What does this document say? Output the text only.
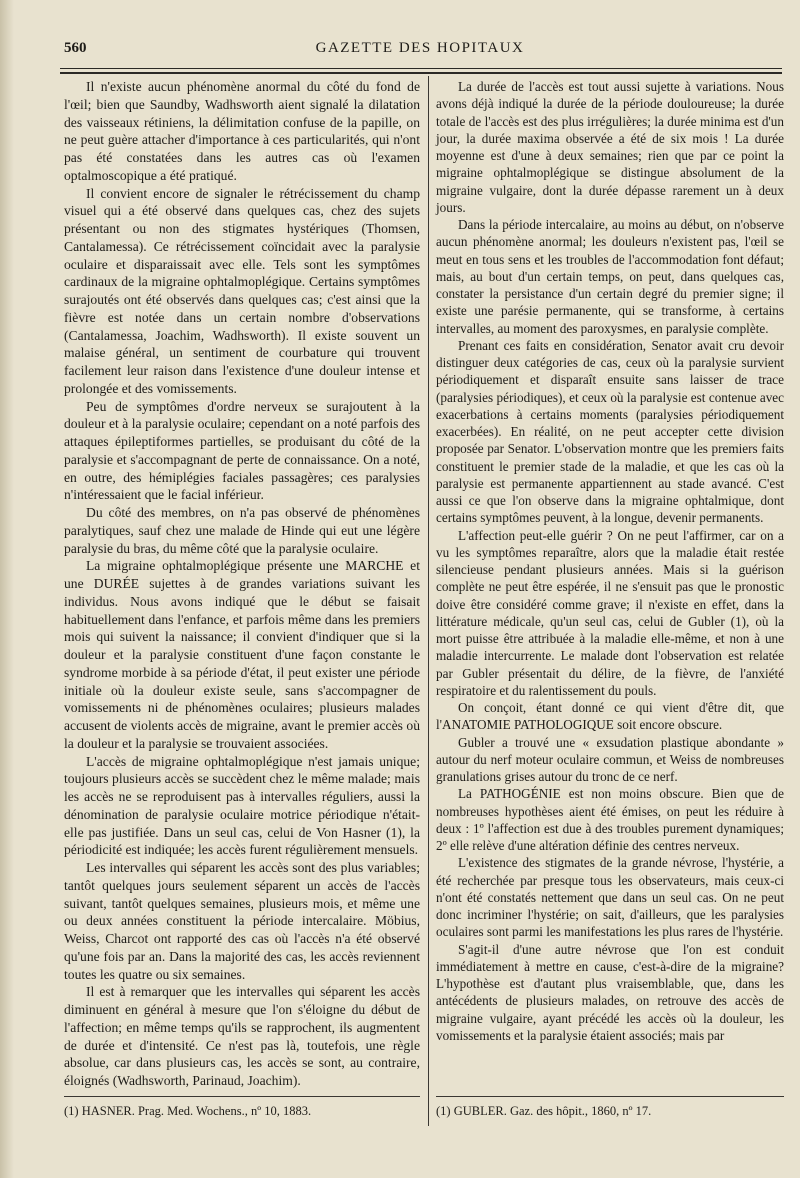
560	GAZETTE DES HOPITAUX

Il n'existe aucun phénomène anormal du côté du fond de l'œil; bien que Saundby, Wadhsworth aient signalé la dilatation des vaisseaux rétiniens, la délimitation confuse de la papille, on ne peut guère attacher d'importance à ces particularités, qui n'ont pas été constatées dans les autres cas où l'examen optalmoscopique a été pratiqué.

Il convient encore de signaler le rétrécissement du champ visuel qui a été observé dans quelques cas, chez des sujets présentant ou non des stigmates hystériques (Thomsen, Cantalamessa). Ce rétrécissement coïncidait avec la paralysie oculaire et disparaissait avec elle. Tels sont les symptômes cardinaux de la migraine ophtalmoplégique. Certains symptômes surajoutés ont été observés dans quelques cas; c'est ainsi que la fièvre est notée dans un certain nombre d'observations (Cantalamessa, Joachim, Wadhsworth). Il existe souvent un malaise général, un sentiment de courbature qui trouvent facilement leur raison dans l'existence d'une douleur intense et prolongée et des vomissements.

Peu de symptômes d'ordre nerveux se surajoutent à la douleur et à la paralysie oculaire; cependant on a noté parfois des attaques épileptiformes partielles, se produisant du côté de la paralysie et s'accompagnant de perte de connaissance. On a noté, en outre, des hémiplégies faciales passagères; ces paralysies n'intéressaient que le facial inférieur.

Du côté des membres, on n'a pas observé de phénomènes paralytiques, sauf chez une malade de Hinde qui eut une légère paralysie du bras, du même côté que la paralysie oculaire.

La migraine ophtalmoplégique présente une MARCHE et une DURÉE sujettes à de grandes variations suivant les individus. Nous avons indiqué que le début se faisait habituellement dans l'enfance, et parfois même dans les premiers mois qui suivent la naissance; il convient d'indiquer que si la douleur et la paralysie constituent d'une façon constante le syndrome morbide à sa période d'état, il peut exister une période initiale où la douleur existe seule, sans s'accompagner de vomissements ni de phénomènes oculaires; plusieurs malades accusent de violents accès de migraine, avant le premier accès où la douleur et la paralysie se trouvaient associées.

L'accès de migraine ophtalmoplégique n'est jamais unique; toujours plusieurs accès se succèdent chez le même malade; mais les accès ne se reproduisent pas à intervalles réguliers, aussi la dénomination de paralysie oculaire motrice périodique n'était-elle pas justifiée. Dans un seul cas, celui de Von Hasner (1), la périodicité est indiquée; les accès furent régulièrement mensuels.

Les intervalles qui séparent les accès sont des plus variables; tantôt quelques jours seulement séparent un accès de l'accès suivant, tantôt quelques semaines, plusieurs mois, et même une ou deux années constituent la période intercalaire. Möbius, Weiss, Charcot ont rapporté des cas où l'accès n'a été observé qu'une fois par an. Dans la majorité des cas, les accès reviennent toutes les quatre ou six semaines.

Il est à remarquer que les intervalles qui séparent les accès diminuent en général à mesure que l'on s'éloigne du début de l'affection; en même temps qu'ils se rapprochent, ils augmentent de durée et d'intensité. Ce n'est pas là, toutefois, une règle absolue, car dans plusieurs cas, les accès se sont, au contraire, éloignés (Wadhsworth, Parinaud, Joachim).

La durée de l'accès est tout aussi sujette à variations. Nous avons déjà indiqué la durée de la période douloureuse; la durée totale de l'accès est des plus irrégulières; la durée minima est d'un jour, la durée maxima observée a été de six mois ! La durée moyenne est d'une à deux semaines; rien que par ce point la migraine ophtalmoplégique se distingue absolument de la migraine vulgaire, dont la durée dépasse rarement un à deux jours.

Dans la période intercalaire, au moins au début, on n'observe aucun phénomène anormal; les douleurs n'existent pas, l'œil se meut en tous sens et les troubles de l'accommodation font défaut; mais, au bout d'un certain temps, on peut, dans quelques cas, constater la persistance d'un certain degré du premier signe; il existe une parésie permanente, qui se transforme, à certains intervalles, au moment des paroxysmes, en paralysie complète.

Prenant ces faits en considération, Senator avait cru devoir distinguer deux catégories de cas, ceux où la paralysie survient périodiquement et disparaît ensuite sans laisser de trace (paralysies périodiques), et ceux où la paralysie est contenue avec exacerbations à certains moments (paralysies périodiquement exacerbées). En réalité, on ne peut accepter cette division proposée par Senator. L'observation montre que les premiers faits constituent le premier stade de la maladie, et que les cas où la paralysie est permanente appartiennent au stade avancé. C'est aussi ce que l'on observe dans la migraine ophtalmique, dont certains symptômes peuvent, à la longue, devenir permanents.

L'affection peut-elle guérir ? On ne peut l'affirmer, car on a vu les symptômes reparaître, alors que la maladie était restée silencieuse pendant plusieurs années. Mais si la guérison complète ne peut être espérée, il ne s'ensuit pas que le pronostic doive être considéré comme grave; il n'existe en effet, dans la littérature médicale, qu'un seul cas, celui de Gubler (1), où la mort puisse être attribuée à la maladie elle-même, et non à une maladie intercurrente. Le malade dont l'observation est relatée par Gubler présentait du délire, de la fièvre, de l'anxiété respiratoire et du ralentissement du pouls.

On conçoit, étant donné ce qui vient d'être dit, que l'ANATOMIE PATHOLOGIQUE soit encore obscure.

Gubler a trouvé une « exsudation plastique abondante » autour du nerf moteur oculaire commun, et Weiss de nombreuses granulations grises autour du tronc de ce nerf.

La PATHOGÉNIE est non moins obscure. Bien que de nombreuses hypothèses aient été émises, on peut les réduire à deux : 1º l'affection est due à des troubles purement dynamiques; 2º elle relève d'une altération définie des centres nerveux.

L'existence des stigmates de la grande névrose, l'hystérie, a été recherchée par presque tous les observateurs, mais ceux-ci n'ont été constatés nettement que dans un seul cas. On ne peut donc incriminer l'hystérie; on sait, d'ailleurs, que les paralysies oculaires sont parmi les manifestations les plus rares de l'hystérie.

S'agit-il d'une autre névrose que l'on est conduit immédiatement à mettre en cause, c'est-à-dire de la migraine? L'hypothèse est d'autant plus vraisemblable, que, dans les antécédents de plusieurs malades, on retrouve des accès de migraine vulgaire, ayant précédé les accès où la douleur, les vomissements et la paralysie étaient associés; mais par

(1) HASNER. Prag. Med. Wochens., nº 10, 1883.	(1) GUBLER. Gaz. des hôpit., 1860, nº 17.
